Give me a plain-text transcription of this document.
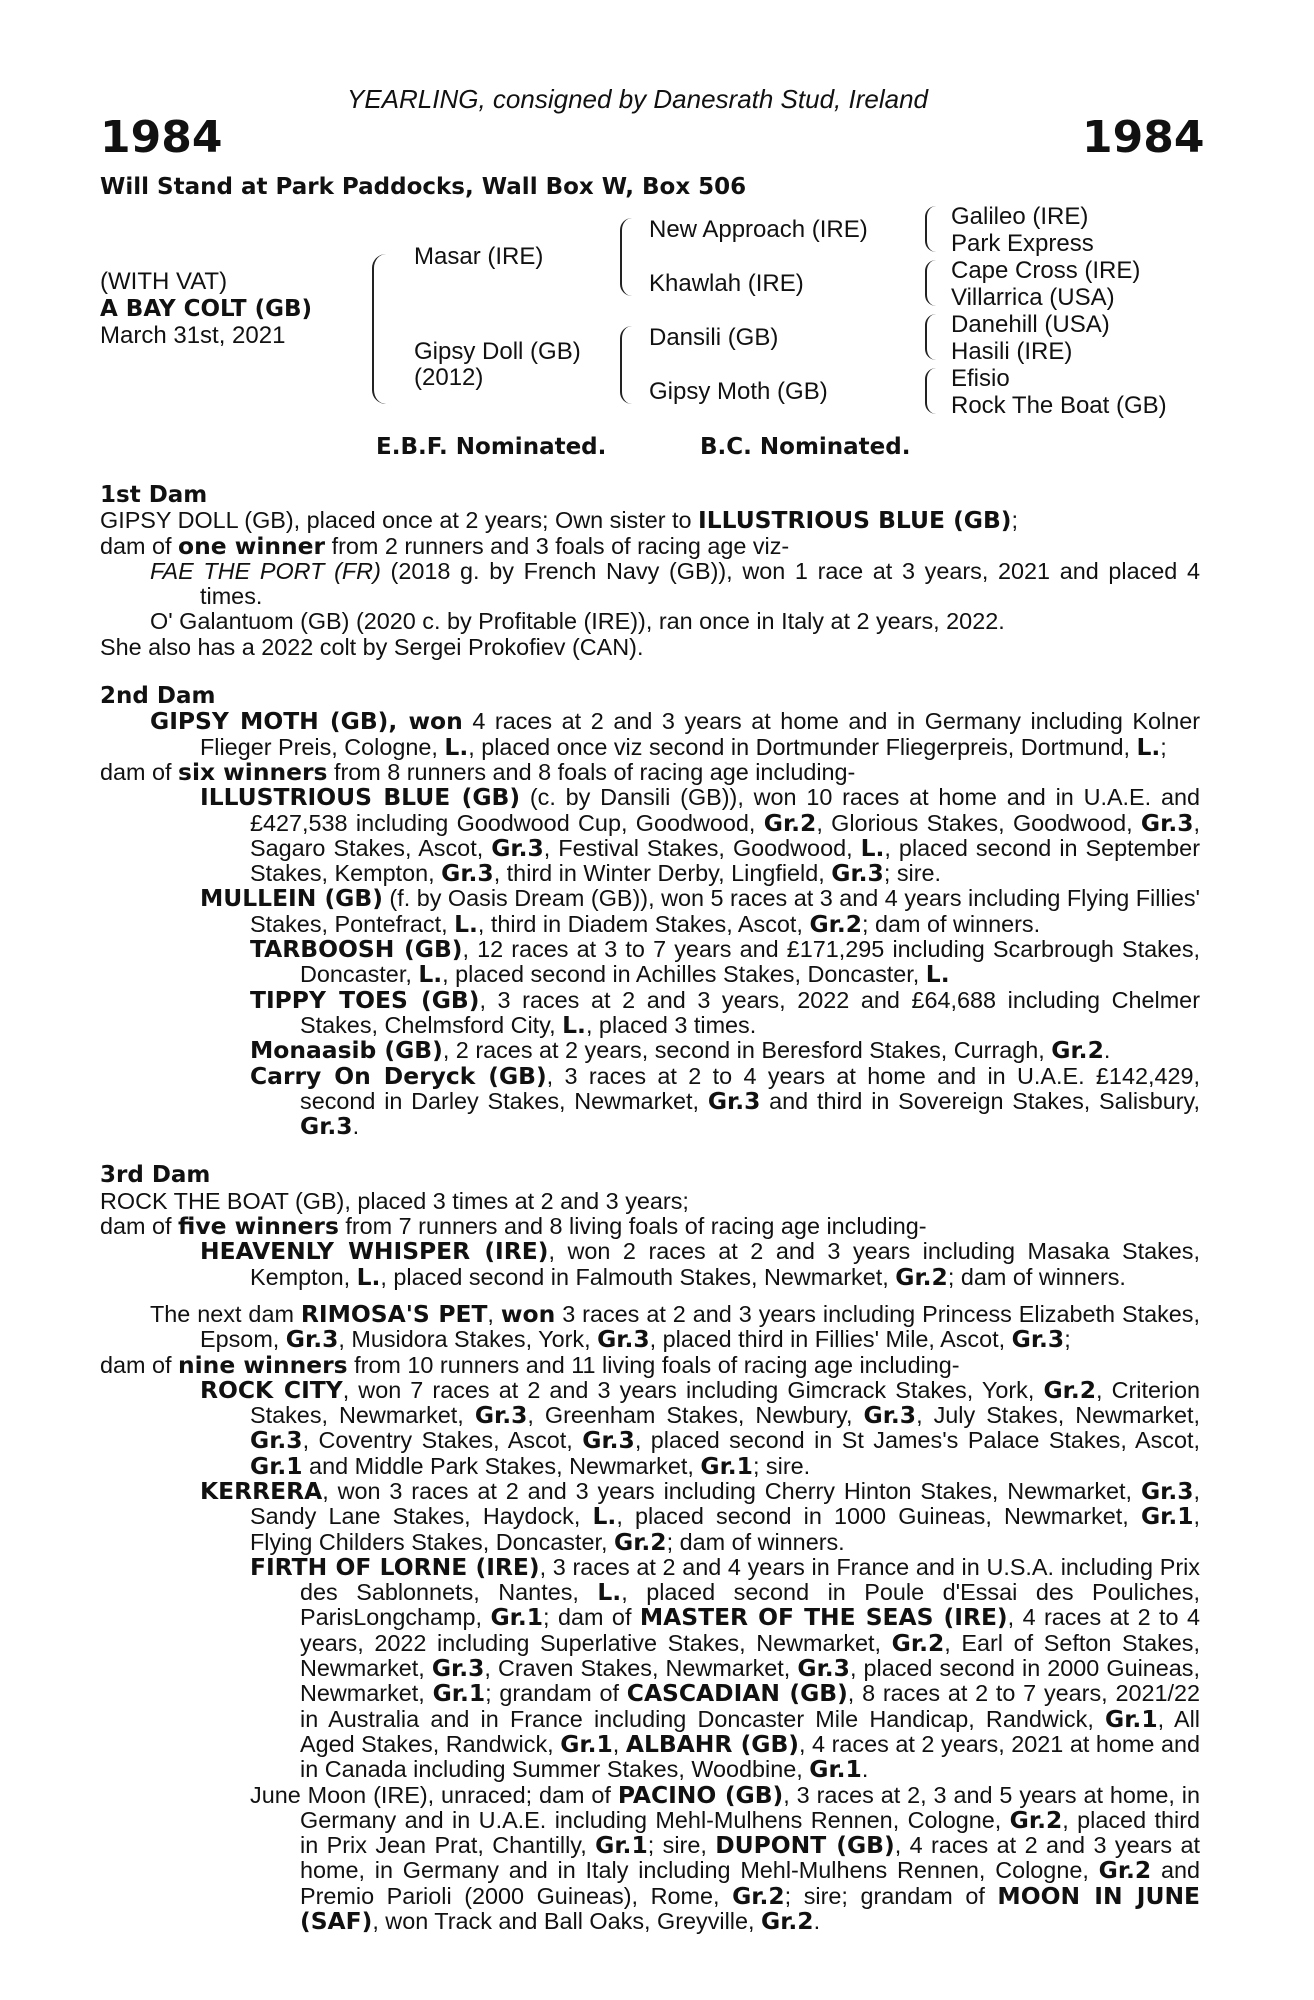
YEARLING, consigned by Danesrath Stud, Ireland
1984	1984
Will Stand at Park Paddocks, Wall Box W, Box 506
(WITH VAT)
A BAY COLT (GB)
March 31st, 2021
Masar (IRE)
Gipsy Doll (GB)
(2012)
New Approach (IRE)
Khawlah (IRE)
Dansili (GB)
Gipsy Moth (GB)
Galileo (IRE)
Park Express
Cape Cross (IRE)
Villarrica (USA)
Danehill (USA)
Hasili (IRE)
Efisio
Rock The Boat (GB)
E.B.F. Nominated.	B.C. Nominated.

1st Dam

GIPSY DOLL (GB), placed once at 2 years; Own sister to ILLUSTRIOUS BLUE (GB);

dam of one winner from 2 runners and 3 foals of racing age viz-

FAE THE PORT (FR) (2018 g. by French Navy (GB)), won 1 race at 3 years, 2021 and placed 4 times.

O' Galantuom (GB) (2020 c. by Profitable (IRE)), ran once in Italy at 2 years, 2022.

She also has a 2022 colt by Sergei Prokofiev (CAN).

2nd Dam

GIPSY MOTH (GB), won 4 races at 2 and 3 years at home and in Germany including Kolner Flieger Preis, Cologne, L., placed once viz second in Dortmunder Fliegerpreis, Dortmund, L.;

dam of six winners from 8 runners and 8 foals of racing age including-

ILLUSTRIOUS BLUE (GB) (c. by Dansili (GB)), won 10 races at home and in U.A.E. and £427,538 including Goodwood Cup, Goodwood, Gr.2, Glorious Stakes, Goodwood, Gr.3, Sagaro Stakes, Ascot, Gr.3, Festival Stakes, Goodwood, L., placed second in September Stakes, Kempton, Gr.3, third in Winter Derby, Lingfield, Gr.3; sire.

MULLEIN (GB) (f. by Oasis Dream (GB)), won 5 races at 3 and 4 years including Flying Fillies' Stakes, Pontefract, L., third in Diadem Stakes, Ascot, Gr.2; dam of winners.

TARBOOSH (GB), 12 races at 3 to 7 years and £171,295 including Scarbrough Stakes, Doncaster, L., placed second in Achilles Stakes, Doncaster, L.

TIPPY TOES (GB), 3 races at 2 and 3 years, 2022 and £64,688 including Chelmer Stakes, Chelmsford City, L., placed 3 times.

Monaasib (GB), 2 races at 2 years, second in Beresford Stakes, Curragh, Gr.2.

Carry On Deryck (GB), 3 races at 2 to 4 years at home and in U.A.E. £142,429, second in Darley Stakes, Newmarket, Gr.3 and third in Sovereign Stakes, Salisbury, Gr.3.

3rd Dam

ROCK THE BOAT (GB), placed 3 times at 2 and 3 years;

dam of five winners from 7 runners and 8 living foals of racing age including-

HEAVENLY WHISPER (IRE), won 2 races at 2 and 3 years including Masaka Stakes, Kempton, L., placed second in Falmouth Stakes, Newmarket, Gr.2; dam of winners.

The next dam RIMOSA'S PET, won 3 races at 2 and 3 years including Princess Elizabeth Stakes, Epsom, Gr.3, Musidora Stakes, York, Gr.3, placed third in Fillies' Mile, Ascot, Gr.3;

dam of nine winners from 10 runners and 11 living foals of racing age including-

ROCK CITY, won 7 races at 2 and 3 years including Gimcrack Stakes, York, Gr.2, Criterion Stakes, Newmarket, Gr.3, Greenham Stakes, Newbury, Gr.3, July Stakes, Newmarket, Gr.3, Coventry Stakes, Ascot, Gr.3, placed second in St James's Palace Stakes, Ascot, Gr.1 and Middle Park Stakes, Newmarket, Gr.1; sire.

KERRERA, won 3 races at 2 and 3 years including Cherry Hinton Stakes, Newmarket, Gr.3, Sandy Lane Stakes, Haydock, L., placed second in 1000 Guineas, Newmarket, Gr.1, Flying Childers Stakes, Doncaster, Gr.2; dam of winners.

FIRTH OF LORNE (IRE), 3 races at 2 and 4 years in France and in U.S.A. including Prix des Sablonnets, Nantes, L., placed second in Poule d'Essai des Pouliches, ParisLongchamp, Gr.1; dam of MASTER OF THE SEAS (IRE), 4 races at 2 to 4 years, 2022 including Superlative Stakes, Newmarket, Gr.2, Earl of Sefton Stakes, Newmarket, Gr.3, Craven Stakes, Newmarket, Gr.3, placed second in 2000 Guineas, Newmarket, Gr.1; grandam of CASCADIAN (GB), 8 races at 2 to 7 years, 2021/22 in Australia and in France including Doncaster Mile Handicap, Randwick, Gr.1, All Aged Stakes, Randwick, Gr.1, ALBAHR (GB), 4 races at 2 years, 2021 at home and in Canada including Summer Stakes, Woodbine, Gr.1.

June Moon (IRE), unraced; dam of PACINO (GB), 3 races at 2, 3 and 5 years at home, in Germany and in U.A.E. including Mehl-Mulhens Rennen, Cologne, Gr.2, placed third in Prix Jean Prat, Chantilly, Gr.1; sire, DUPONT (GB), 4 races at 2 and 3 years at home, in Germany and in Italy including Mehl-Mulhens Rennen, Cologne, Gr.2 and Premio Parioli (2000 Guineas), Rome, Gr.2; sire; grandam of MOON IN JUNE (SAF), won Track and Ball Oaks, Greyville, Gr.2.
